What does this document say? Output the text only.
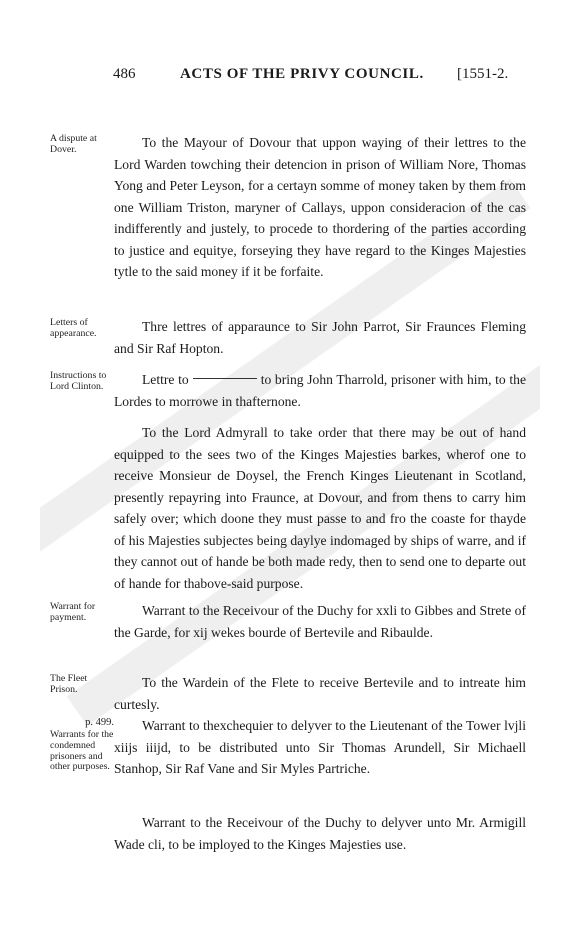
486	ACTS OF THE PRIVY COUNCIL. [1551-2.
A dispute at Dover.
Letters of appearance.
Instructions to Lord Clinton.
Warrant for payment.
The Fleet Prison.
p. 499.
Warrants for the condemned prisoners and other purposes.

To the Mayour of Dovour that uppon waying of their lettres to the Lord Warden towching their detencion in prison of William Nore, Thomas Yong and Peter Leyson, for a certayn somme of money taken by them from one William Triston, maryner of Callays, uppon consideracion of the cas indifferently and justely, to procede to thordering of the parties according to justice and equitye, forseying they have regard to the Kinges Majesties tytle to the said money if it be forfaite.

Thre lettres of apparaunce to Sir John Parrot, Sir Fraunces Fleming and Sir Raf Hopton.

Lettre to	to bring John Tharrold, prisoner with him, to the Lordes to morrowe in thafternone.

To the Lord Admyrall to take order that there may be out of hand equipped to the sees two of the Kinges Majesties barkes, wherof one to receive Monsieur de Doysel, the French Kinges Lieutenant in Scotland, presently repayring into Fraunce, at Dovour, and from thens to carry him safely over; which doone they must passe to and fro the coaste for thayde of his Majesties subjectes being daylye indomaged by ships of warre, and if they cannot out of hande be both made redy, then to send one to departe out of hande for thabove-said purpose.

Warrant to the Receivour of the Duchy for xxli to Gibbes and Strete of the Garde, for xij wekes bourde of Bertevile and Ribaulde.

To the Wardein of the Flete to receive Bertevile and to intreate him curtesly.

Warrant to thexchequier to delyver to the Lieutenant of the Tower lvjli xiijs iiijd, to be distributed unto Sir Thomas Arundell, Sir Michaell Stanhop, Sir Raf Vane and Sir Myles Partriche.

Warrant to the Receivour of the Duchy to delyver unto Mr. Armigill Wade cli, to be imployed to the Kinges Majesties use.
